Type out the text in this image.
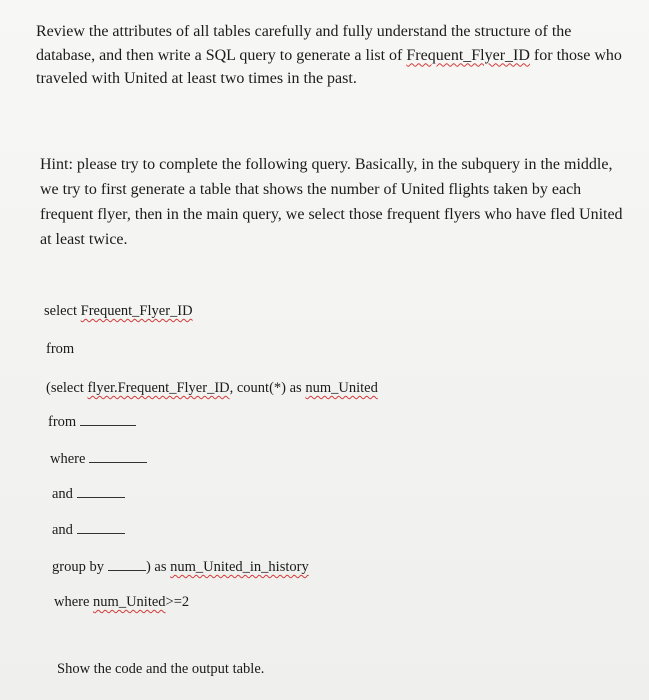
Review the attributes of all tables carefully and fully understand the structure of the database, and then write a SQL query to generate a list of Frequent_Flyer_ID for those who traveled with United at least two times in the past.
Hint: please try to complete the following query. Basically, in the subquery in the middle, we try to first generate a table that shows the number of United flights taken by each frequent flyer, then in the main query, we select those frequent flyers who have fled United at least twice.
select Frequent_Flyer_ID
from
(select flyer.Frequent_Flyer_ID, count(*) as num_United
from
where
and
and
group by	) as num_United_in_history
where num_United>=2
Show the code and the output table.
